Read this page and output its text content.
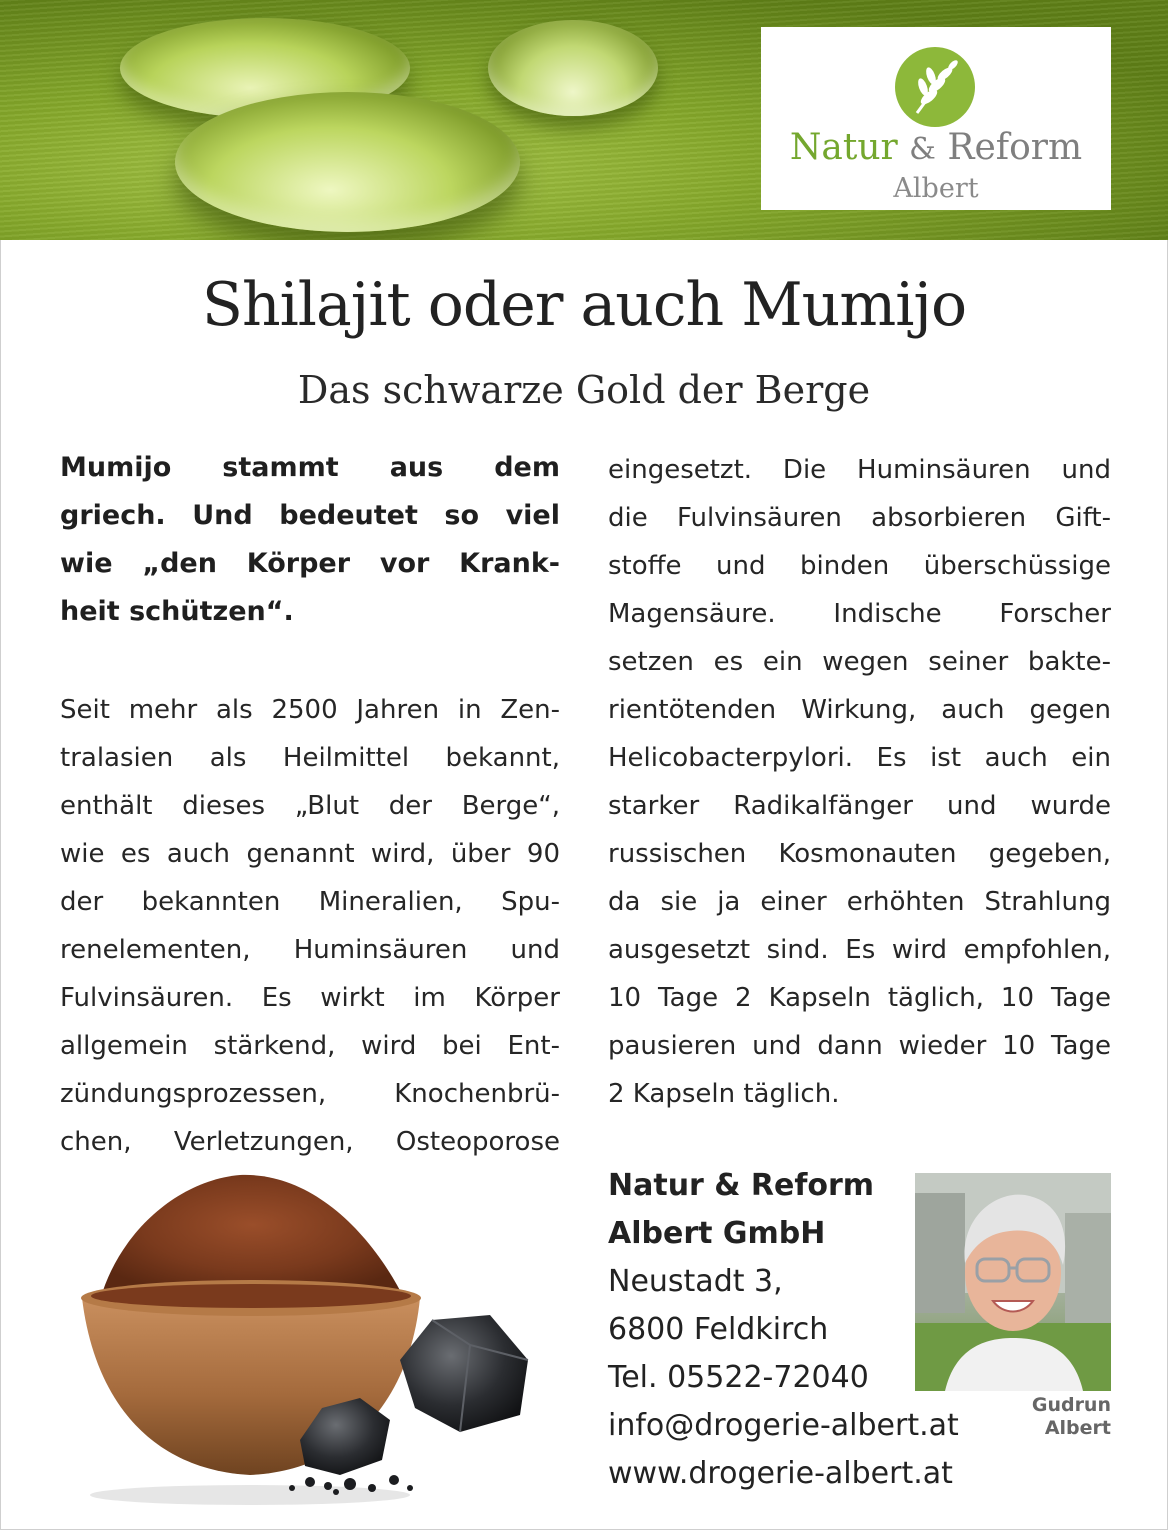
Natur & Reform
Albert
Shilajit oder auch Mumijo
Das schwarze Gold der Berge
Mumijo stammt aus dem
griech. Und bedeutet so viel
wie „den Körper vor Krank-
heit schützen“.
Seit mehr als 2500 Jahren in Zen-
tralasien als Heilmittel bekannt,
enthält dieses „Blut der Berge“,
wie es auch genannt wird, über 90
der bekannten Mineralien, Spu-
renelementen, Huminsäuren und
Fulvinsäuren. Es wirkt im Körper
allgemein stärkend, wird bei Ent-
zündungsprozessen, Knochenbrü-
chen, Verletzungen, Osteoporose
eingesetzt. Die Huminsäuren und
die Fulvinsäuren absorbieren Gift-
stoffe und binden überschüssige
Magensäure. Indische Forscher
setzen es ein wegen seiner bakte-
rientötenden Wirkung, auch gegen
Helicobacterpylori. Es ist auch ein
starker Radikalfänger und wurde
russischen Kosmonauten gegeben,
da sie ja einer erhöhten Strahlung
ausgesetzt sind. Es wird empfohlen,
10 Tage 2 Kapseln täglich, 10 Tage
pausieren und dann wieder 10 Tage
2 Kapseln täglich.
Natur & Reform
Albert GmbH
Neustadt 3,
6800 Feldkirch
Tel. 05522-72040
info@drogerie-albert.at
www.drogerie-albert.at
Gudrun
Albert
